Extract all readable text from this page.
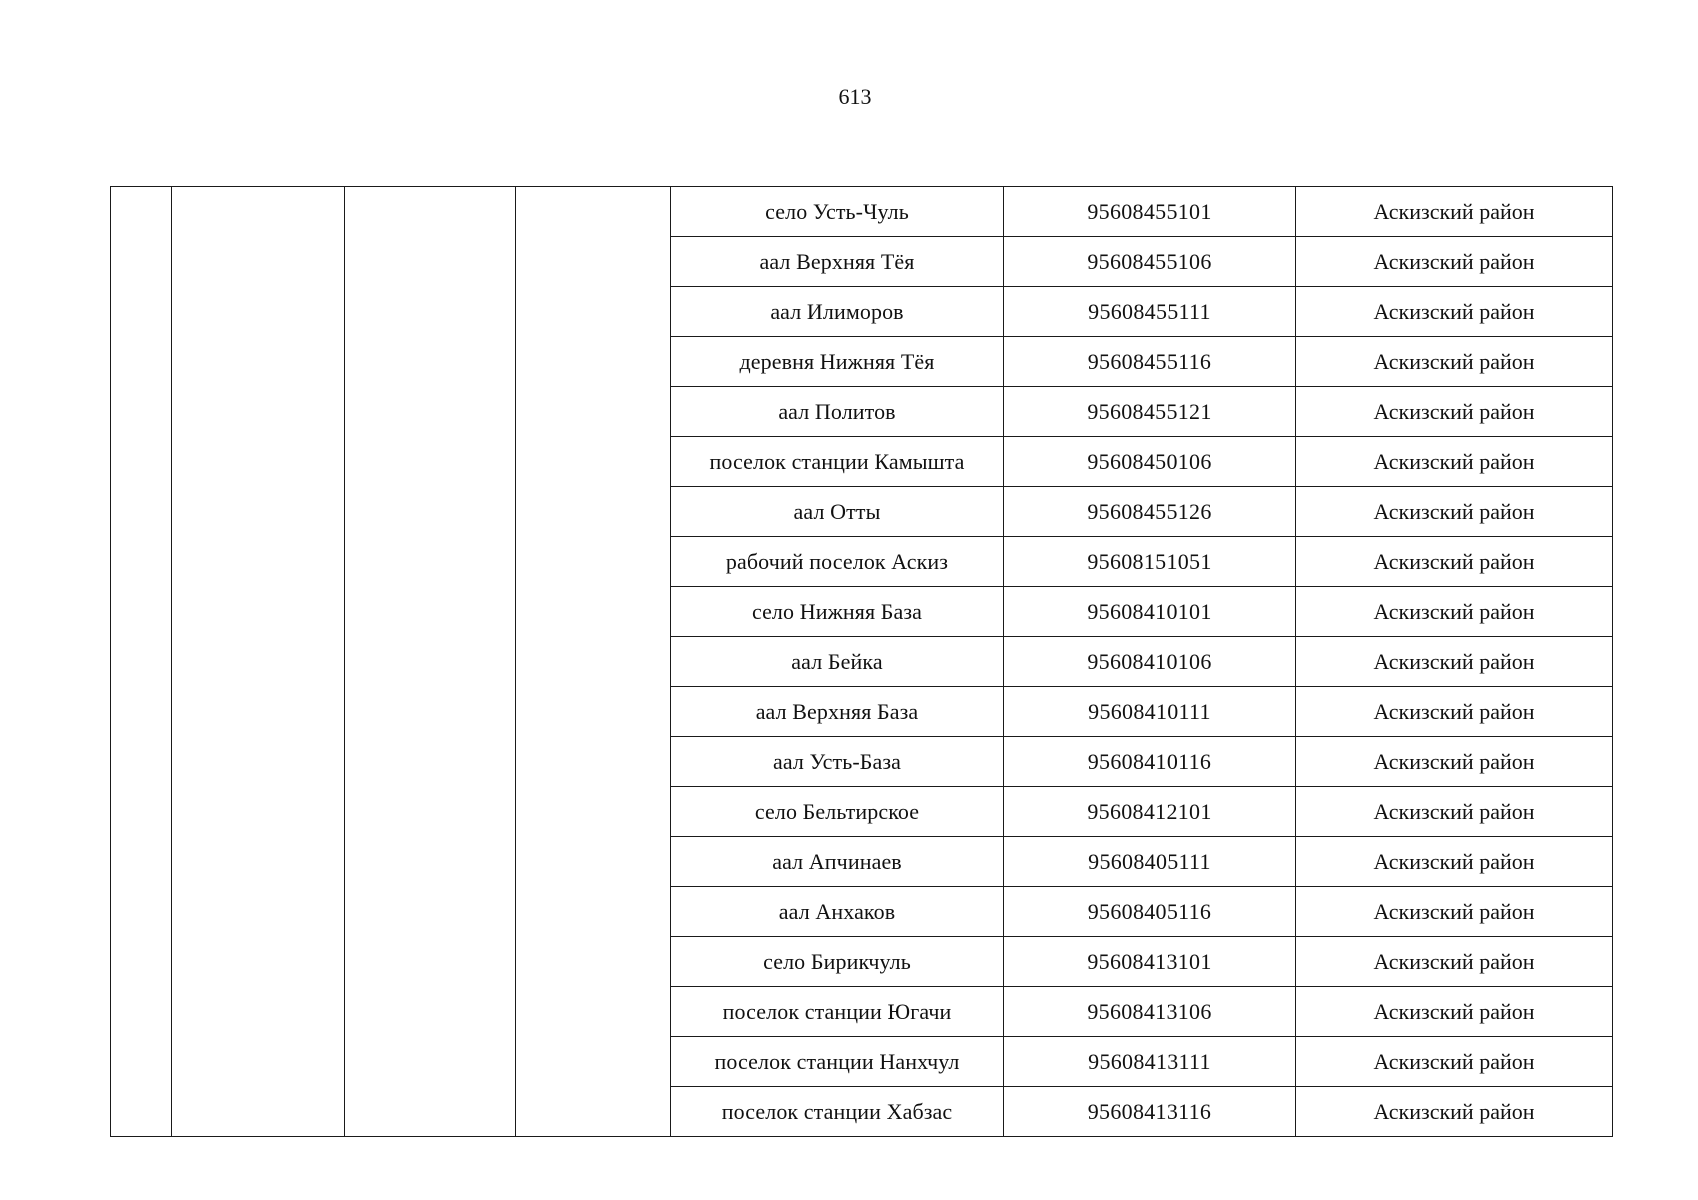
613
				село Усть-Чуль	95608455101	Аскизский район
				аал Верхняя Тёя	95608455106	Аскизский район
				аал Илиморов	95608455111	Аскизский район
				деревня Нижняя Тёя	95608455116	Аскизский район
				аал Политов	95608455121	Аскизский район
				поселок станции Камышта	95608450106	Аскизский район
				аал Отты	95608455126	Аскизский район
				рабочий поселок Аскиз	95608151051	Аскизский район
				село Нижняя База	95608410101	Аскизский район
				аал Бейка	95608410106	Аскизский район
				аал Верхняя База	95608410111	Аскизский район
				аал Усть-База	95608410116	Аскизский район
				село Бельтирское	95608412101	Аскизский район
				аал Апчинаев	95608405111	Аскизский район
				аал Анхаков	95608405116	Аскизский район
				село Бирикчуль	95608413101	Аскизский район
				поселок станции Югачи	95608413106	Аскизский район
				поселок станции Нанхчул	95608413111	Аскизский район
				поселок станции Хабзас	95608413116	Аскизский район
